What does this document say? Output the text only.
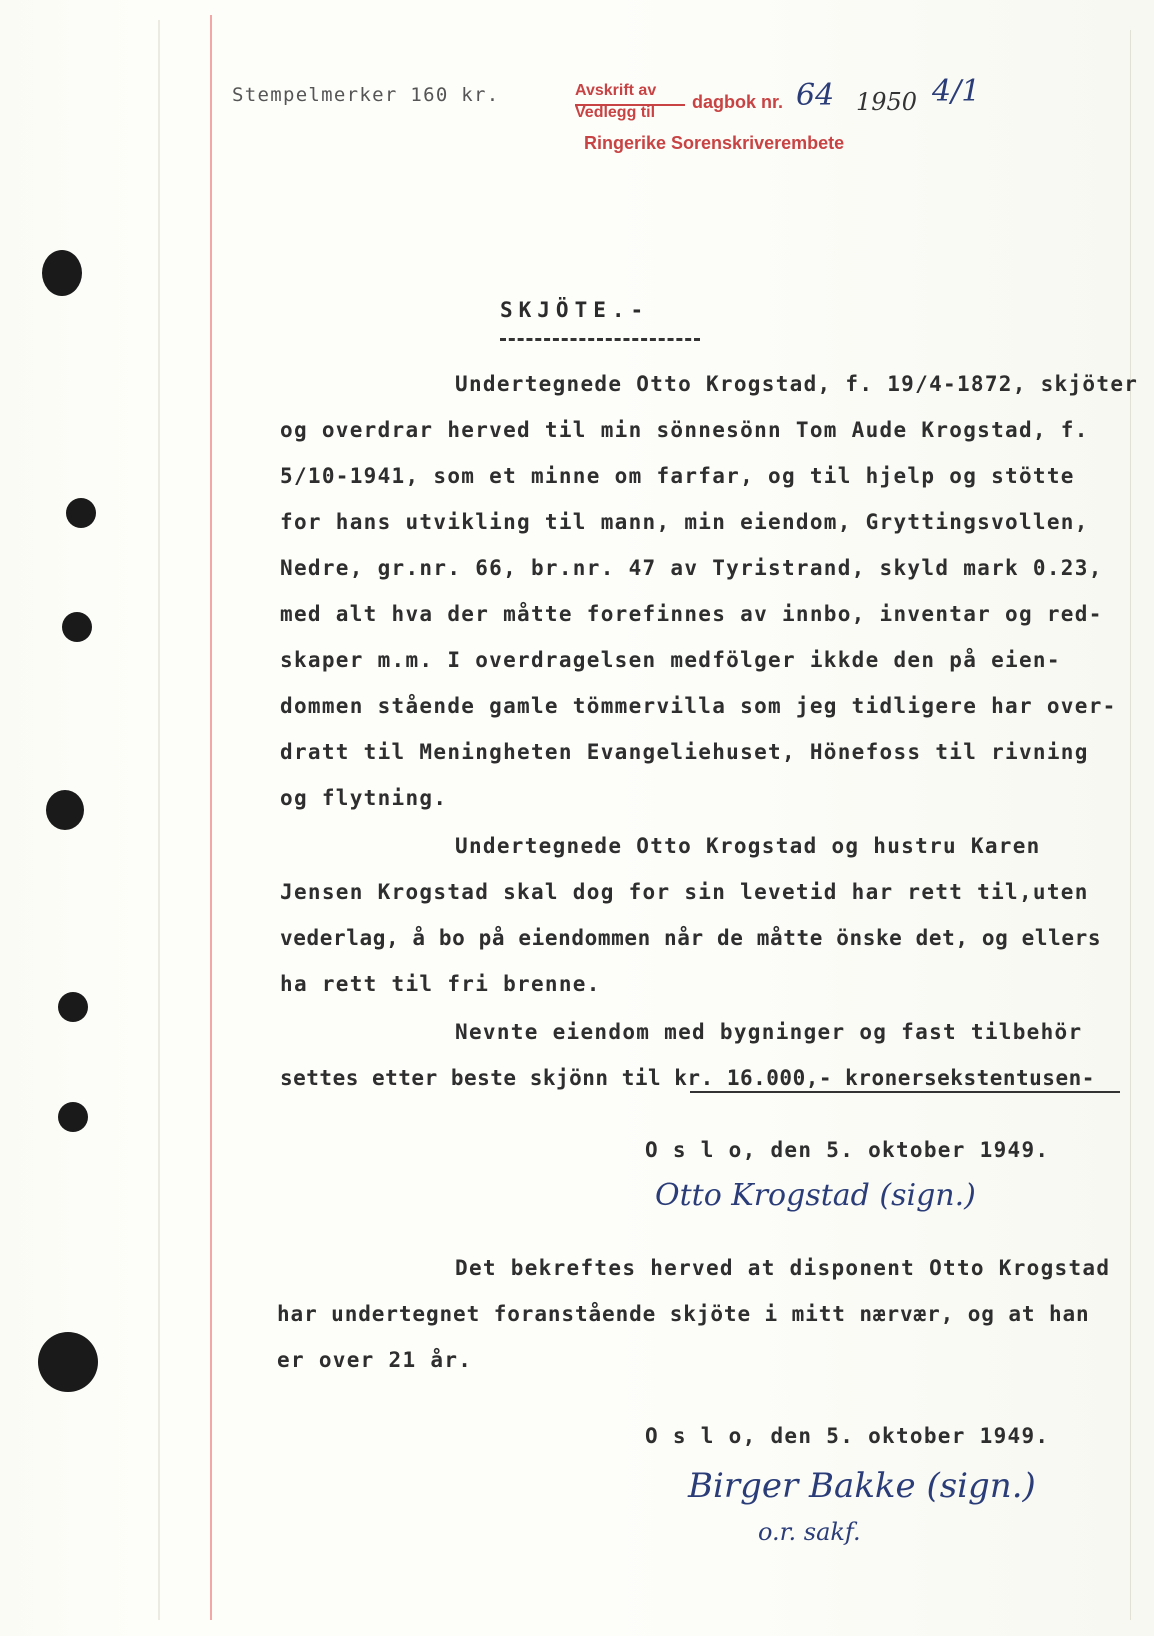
Stempelmerker 160 kr.	Avskrift av
Vedlegg til
dagbok nr. 64 1950 4/1
Ringerike Sorenskriverembete
SKJÖTE.-
Undertegnede Otto Krogstad, f. 19/4-1872, skjöter
og overdrar herved til min sönnesönn Tom Aude Krogstad, f.
5/10-1941, som et minne om farfar, og til hjelp og stötte
for hans utvikling til mann, min eiendom, Gryttingsvollen,
Nedre, gr.nr. 66, br.nr. 47 av Tyristrand, skyld mark 0.23,
med alt hva der måtte forefinnes av innbo, inventar og red-
skaper m.m. I overdragelsen medfölger ikkde den på eien-
dommen stående gamle tömmervilla som jeg tidligere har over-
dratt til Meningheten Evangeliehuset, Hönefoss til rivning
og flytning.
Undertegnede Otto Krogstad og hustru Karen
Jensen Krogstad skal dog for sin levetid har rett til,uten
vederlag, å bo på eiendommen når de måtte önske det, og ellers
ha rett til fri brenne.
Nevnte eiendom med bygninger og fast tilbehör
settes etter beste skjönn til kr. 16.000,- kronersekstentusen-
O s l o, den 5. oktober 1949.
Otto Krogstad (sign.)
Det bekreftes herved at disponent Otto Krogstad
har undertegnet foranstående skjöte i mitt nærvær, og at han
er over 21 år.
O s l o, den 5. oktober 1949.
Birger Bakke (sign.)
o.r. sakf.
